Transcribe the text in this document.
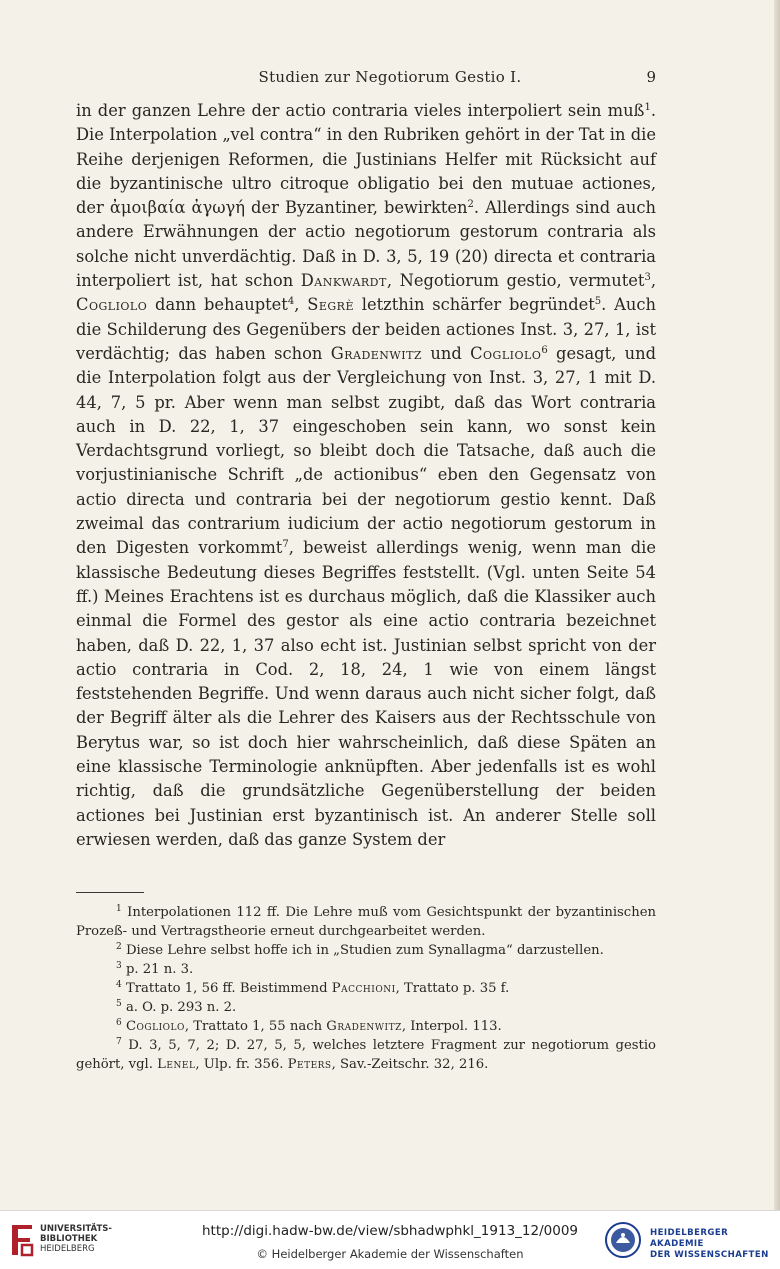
Studien zur Negotiorum Gestio I.	9

in der ganzen Lehre der actio contraria vieles interpoliert sein muß$^1$. Die Interpolation „vel contra“ in den Rubriken gehört in der Tat in die Reihe derjenigen Reformen, die Justinians Helfer mit Rücksicht auf die byzantinische ultro citroque obligatio bei den mutuae actiones, der ἀμοιβαία ἀγωγή der Byzantiner, bewirkten$^2$. Allerdings sind auch andere Erwähnungen der actio negotiorum gestorum contraria als solche nicht unverdächtig. Daß in D. 3, 5, 19 (20) directa et contraria interpoliert ist, hat schon Dankwardt, Negotiorum gestio, vermutet$^3$, Cogliolo dann behauptet$^4$, Segrè letzthin schärfer begründet$^5$. Auch die Schilderung des Gegenübers der beiden actiones Inst. 3, 27, 1, ist verdächtig; das haben schon Gradenwitz und Cogliolo$^6$ gesagt, und die Interpolation folgt aus der Vergleichung von Inst. 3, 27, 1 mit D. 44, 7, 5 pr. Aber wenn man selbst zugibt, daß das Wort contraria auch in D. 22, 1, 37 eingeschoben sein kann, wo sonst kein Verdachtsgrund vorliegt, so bleibt doch die Tatsache, daß auch die vorjustinianische Schrift „de actionibus“ eben den Gegensatz von actio directa und contraria bei der negotiorum gestio kennt. Daß zweimal das contrarium iudicium der actio negotiorum gestorum in den Digesten vorkommt$^7$, beweist allerdings wenig, wenn man die klassische Bedeutung dieses Begriffes feststellt. (Vgl. unten Seite 54 ff.) Meines Erachtens ist es durchaus möglich, daß die Klassiker auch einmal die Formel des gestor als eine actio contraria bezeichnet haben, daß D. 22, 1, 37 also echt ist. Justinian selbst spricht von der actio contraria in Cod. 2, 18, 24, 1 wie von einem längst feststehenden Begriffe. Und wenn daraus auch nicht sicher folgt, daß der Begriff älter als die Lehrer des Kaisers aus der Rechtsschule von Berytus war, so ist doch hier wahrscheinlich, daß diese Späten an eine klassische Terminologie anknüpften. Aber jedenfalls ist es wohl richtig, daß die grundsätzliche Gegenüberstellung der beiden actiones bei Justinian erst byzantinisch ist. An anderer Stelle soll erwiesen werden, daß das ganze System der

$^1$ Interpolationen 112 ff. Die Lehre muß vom Gesichtspunkt der byzantinischen Prozeß- und Vertragstheorie erneut durchgearbeitet werden.

$^2$ Diese Lehre selbst hoffe ich in „Studien zum Synallagma“ darzustellen.

$^3$ p. 21 n. 3.

$^4$ Trattato 1, 56 ff. Beistimmend Pacchioni, Trattato p. 35 f.

$^5$ a. O. p. 293 n. 2.

$^6$ Cogliolo, Trattato 1, 55 nach Gradenwitz, Interpol. 113.

$^7$ D. 3, 5, 7, 2; D. 27, 5, 5, welches letztere Fragment zur negotiorum gestio gehört, vgl. Lenel, Ulp. fr. 356. Peters, Sav.-Zeitschr. 32, 216.

UNIVERSITÄTS-
BIBLIOTHEK
HEIDELBERG
http://digi.hadw-bw.de/view/sbhadwphkl_1913_12/0009
© Heidelberger Akademie der Wissenschaften
HEIDELBERGER AKADEMIE
DER WISSENSCHAFTEN
